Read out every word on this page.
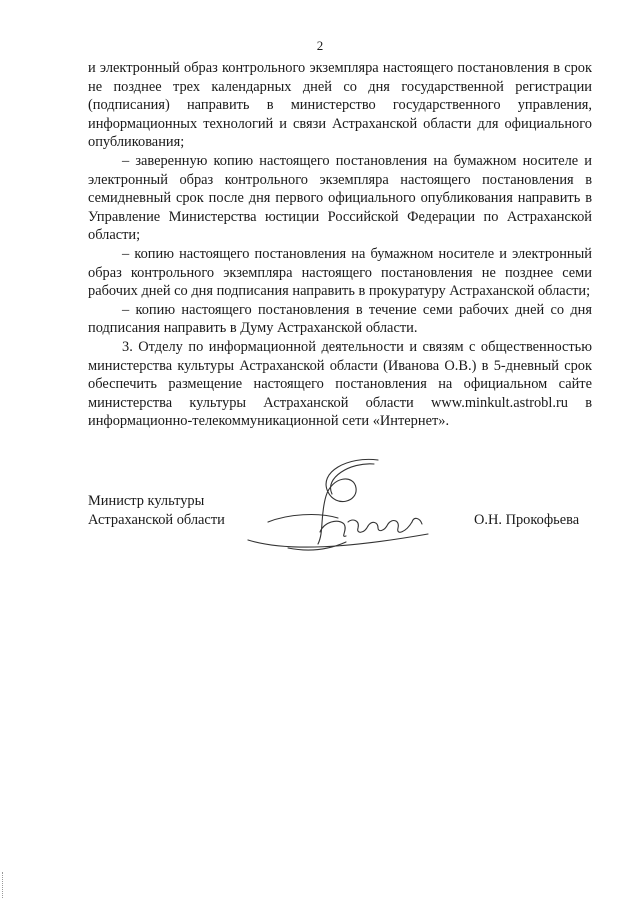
2

и электронный образ контрольного экземпляра настоящего постановления в срок не позднее трех календарных дней со дня государственной регистрации (подписания) направить в министерство государственного управления, информационных технологий и связи Астраханской области для официального опубликования;

– заверенную копию настоящего постановления на бумажном носителе и электронный образ контрольного экземпляра настоящего постановления в семидневный срок после дня первого официального опубликования направить в Управление Министерства юстиции Российской Федерации по Астраханской области;

– копию настоящего постановления на бумажном носителе и электронный образ контрольного экземпляра настоящего постановления не позднее семи рабочих дней со дня подписания направить в прокуратуру Астраханской области;

– копию настоящего постановления в течение семи рабочих дней со дня подписания направить в Думу Астраханской области.

3. Отделу по информационной деятельности и связям с общественностью министерства культуры Астраханской области (Иванова О.В.) в 5-дневный срок обеспечить размещение настоящего постановления на официальном сайте министерства культуры Астраханской области www.minkult.astrobl.ru в информационно-телекоммуникационной сети «Интернет».

Министр культуры
Астраханской области	О.Н. Прокофьева
